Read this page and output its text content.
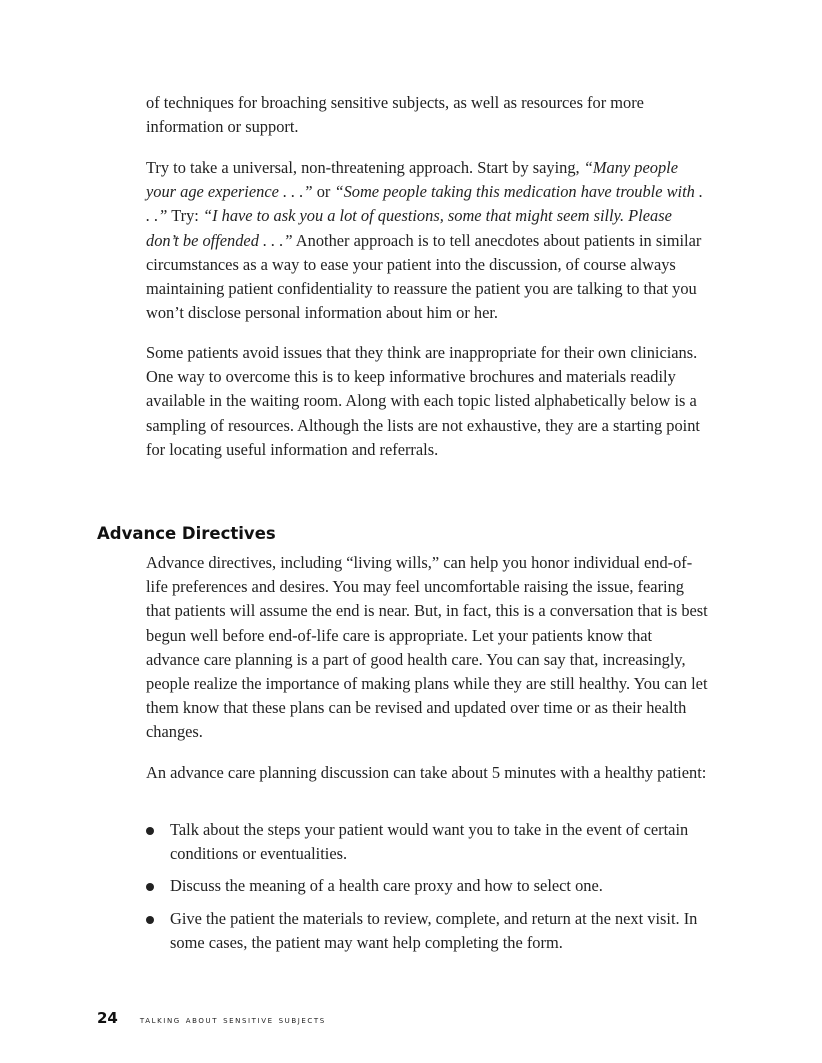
of techniques for broaching sensitive subjects, as well as resources for more information or support.

Try to take a universal, non-threatening approach. Start by saying, “Many people your age experience . . .” or “Some people taking this medication have trouble with . . .” Try: “I have to ask you a lot of questions, some that might seem silly. Please don’t be offended . . .” Another approach is to tell anecdotes about patients in similar circumstances as a way to ease your patient into the discussion, of course always maintaining patient confidentiality to reassure the patient you are talking to that you won’t disclose personal information about him or her.

Some patients avoid issues that they think are inappropriate for their own clinicians. One way to overcome this is to keep informative brochures and materials readily available in the waiting room. Along with each topic listed alphabetically below is a sampling of resources. Although the lists are not exhaustive, they are a starting point for locating useful information and referrals.

Advance Directives

Advance directives, including “living wills,” can help you honor individual end-of-life preferences and desires. You may feel uncomfortable raising the issue, fearing that patients will assume the end is near. But, in fact, this is a conversation that is best begun well before end-of-life care is appropriate. Let your patients know that advance care planning is a part of good health care. You can say that, increasingly, people realize the importance of making plans while they are still healthy. You can let them know that these plans can be revised and updated over time or as their health changes.

An advance care planning discussion can take about 5 minutes with a healthy patient:

Talk about the steps your patient would want you to take in the event of certain conditions or eventualities.
Discuss the meaning of a health care proxy and how to select one.
Give the patient the materials to review, complete, and return at the next visit. In some cases, the patient may want help completing the form.
24 talking about sensitive subjects
